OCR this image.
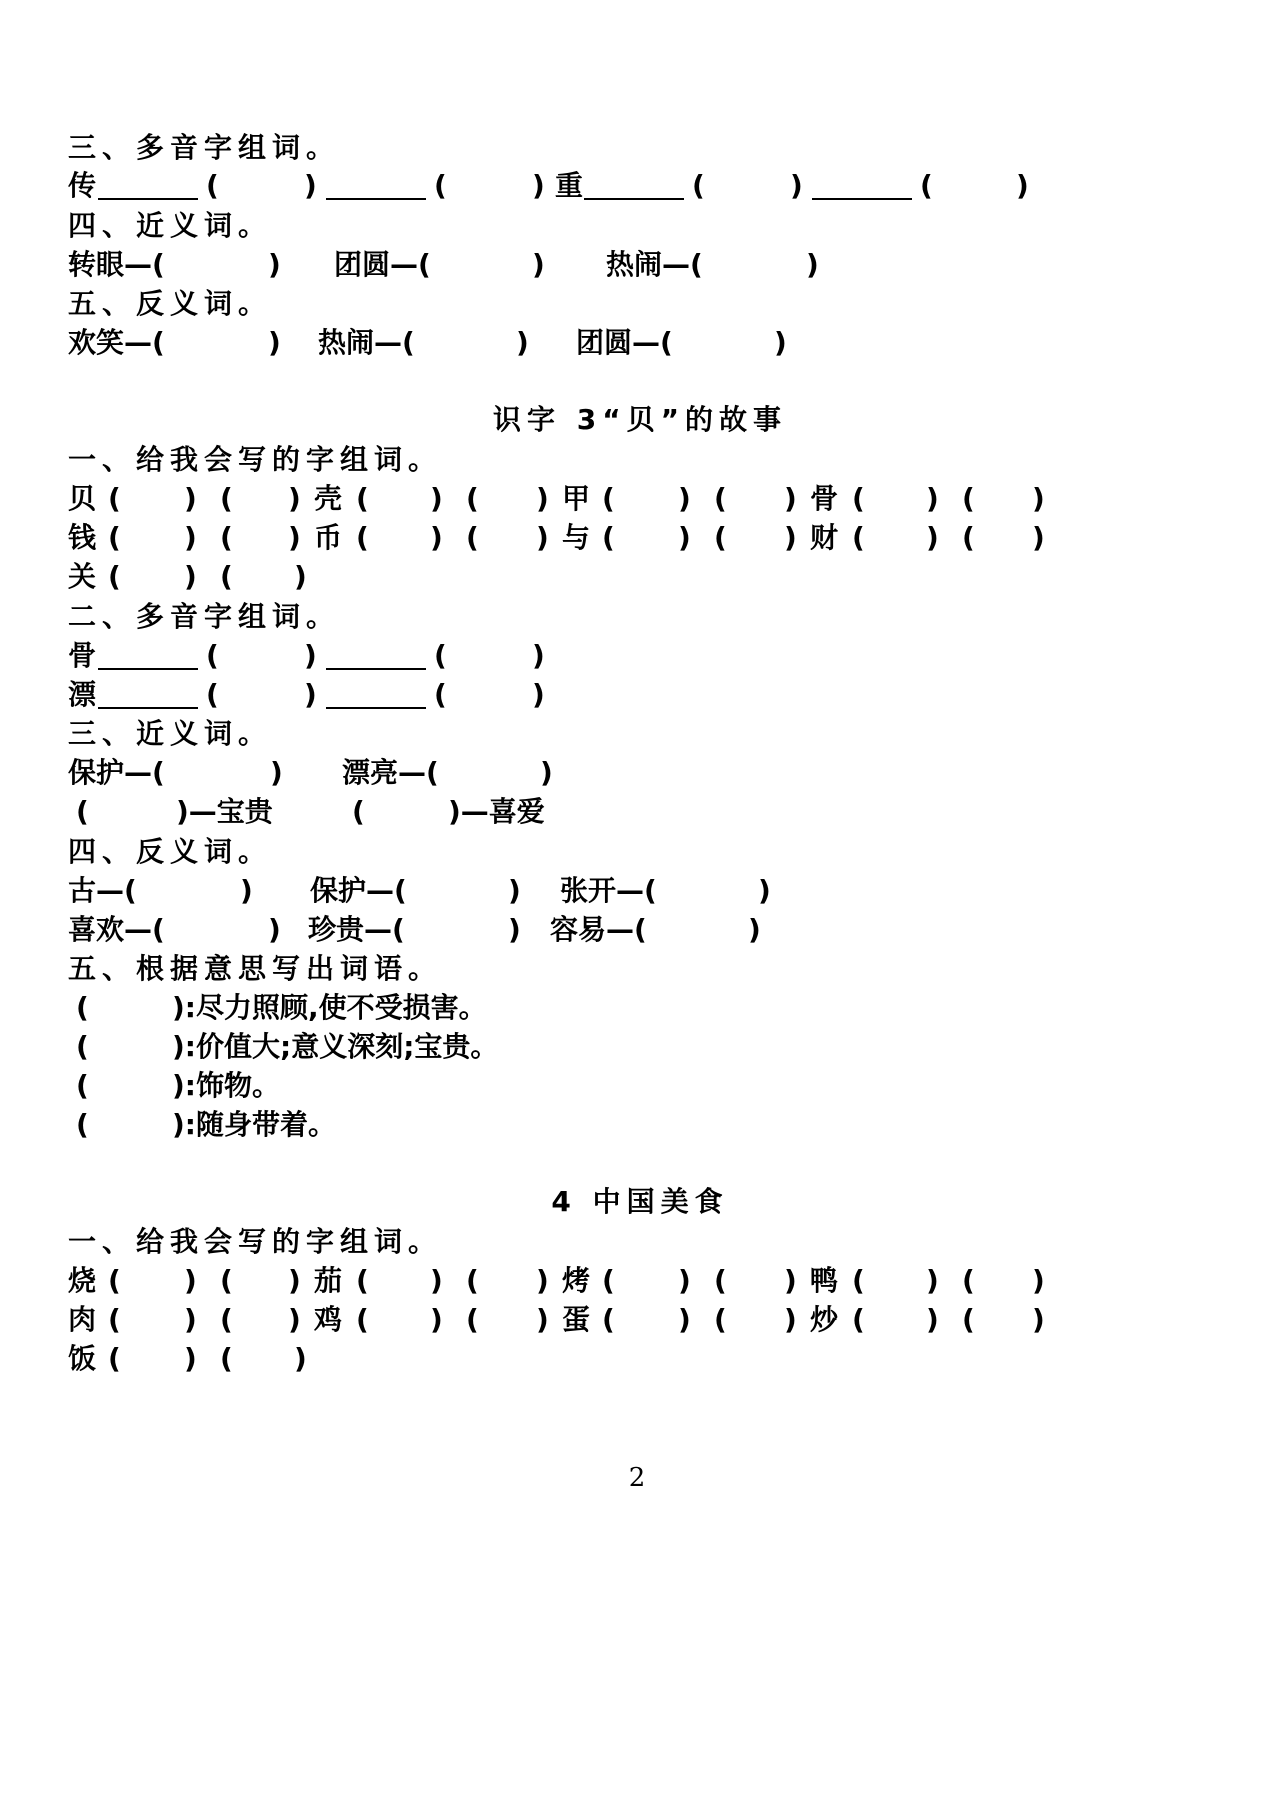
三、多音字组词。
传	(	)	(	) 重	(	)	(	)
四、近义词。
转眼—(	) 团圆—(	) 热闹—(	)
五、反义词。
欢笑—(	) 热闹—(	) 团圆—(	)
识字 3“贝”的故事
一、给我会写的字组词。
贝 ( ) ( ) 壳 ( ) ( ) 甲 ( ) ( ) 骨 ( ) ( )
钱 ( ) ( ) 币 ( ) ( ) 与 ( ) ( ) 财 ( ) ( )
关 ( ) ( )
二、多音字组词。
骨	(	)	(	)
漂	(	)	(	)
三、近义词。
保护—(	) 漂亮—(	)
(	)—宝贵	(	)—喜爱
四、反义词。
古—(	) 保护—(	) 张开—(	)
喜欢—(	) 珍贵—(	) 容易—(	)
五、根据意思写出词语。
(	):尽力照顾,使不受损害。
(	):价值大;意义深刻;宝贵。
(	):饰物。
(	):随身带着。
4 中国美食
一、给我会写的字组词。
烧 ( ) ( ) 茄 ( ) ( ) 烤 ( ) ( ) 鸭 ( ) ( )
肉 ( ) ( ) 鸡 ( ) ( ) 蛋 ( ) ( ) 炒 ( ) ( )
饭 ( ) ( )
2
